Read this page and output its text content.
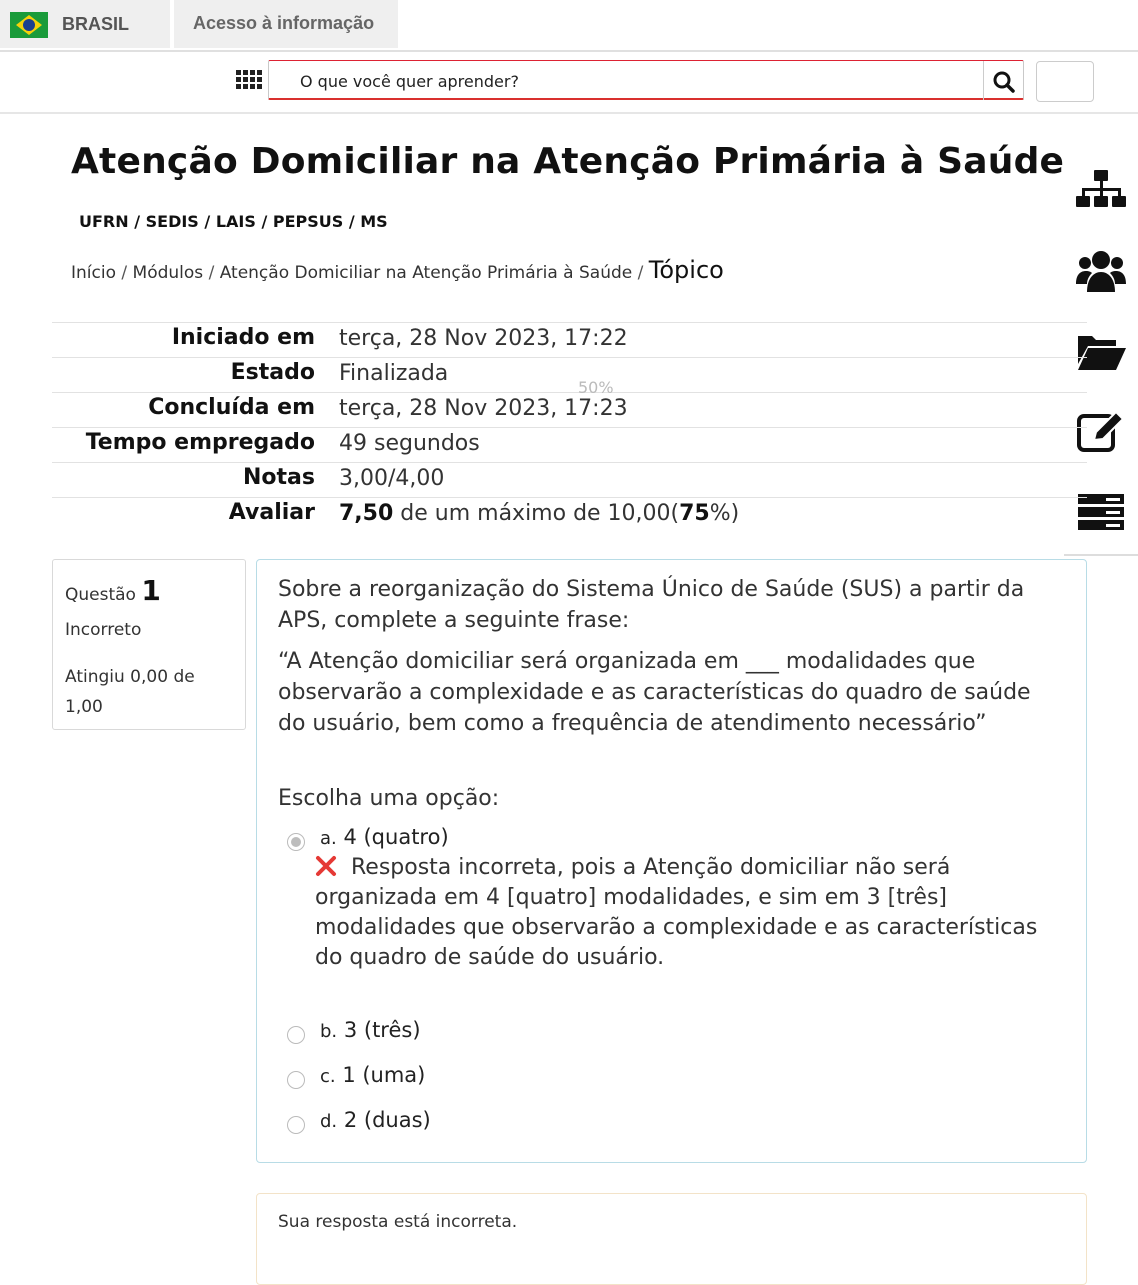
BRASIL	Acesso à informação
O que você quer aprender?
Atenção Domiciliar na Atenção Primária à Saúde
UFRN / SEDIS / LAIS / PEPSUS / MS
Início / Módulos / Atenção Domiciliar na Atenção Primária à Saúde / Tópico
Iniciado em terça, 28 Nov 2023, 17:22
Estado Finalizada
Concluída em terça, 28 Nov 2023, 17:23
Tempo empregado 49 segundos
Notas 3,00/4,00
Avaliar 7,50 de um máximo de 10,00(75%)
50%
Questão 1
Incorreto
Atingiu 0,00 de 1,00

Sobre a reorganização do Sistema Único de Saúde (SUS) a partir da APS, complete a seguinte frase:

“A Atenção domiciliar será organizada em ___ modalidades que observarão a complexidade e as características do quadro de saúde do usuário, bem como a frequência de atendimento necessário”

Escolha uma opção:
a. 4 (quatro)
Resposta incorreta, pois a Atenção domiciliar não será organizada em 4 [quatro] modalidades, e sim em 3 [três] modalidades que observarão a complexidade e as características do quadro de saúde do usuário.
b. 3 (três)
c. 1 (uma)
d. 2 (duas)
Sua resposta está incorreta.
